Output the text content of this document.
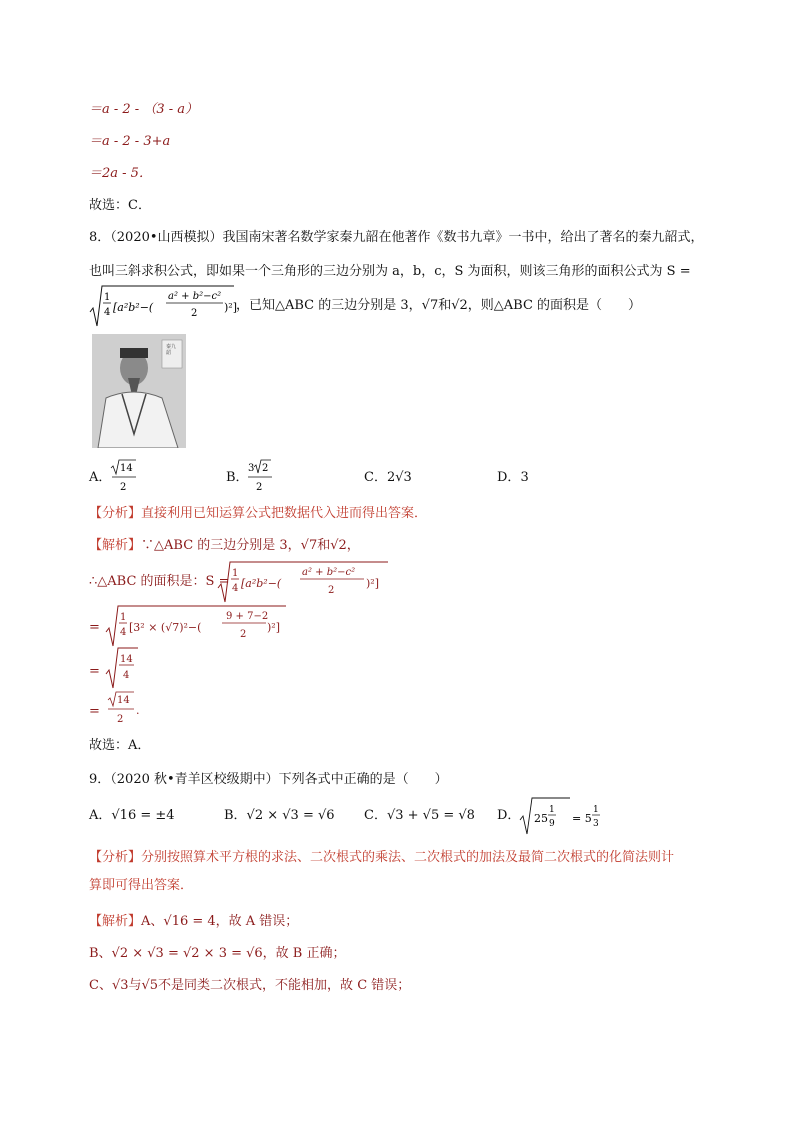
＝a - 2 - （3 - a）
＝a - 2 - 3+a
＝2a - 5．
故选：C．
8．（2020•山西模拟）我国南宋著名数学家秦九韶在他著作《数书九章》一书中，给出了著名的秦九韶式，
也叫三斜求积公式，即如果一个三角形的三边分别为 a，b，c，S 为面积，则该三角形的面积公式为 S =
1
4 [a²b²−(
a² + b²−c²
2 )²] ，已知△ABC 的三边分别是 3，√7和√2，则△ABC 的面积是（　　）
秦九韶
A．
14
2
B．
3 2
2
C．2√3	D．3
【分析】直接利用已知运算公式把数据代入进而得出答案．
【解析】∵△ABC 的三边分别是 3，√7和√2，
∴△ABC 的面积是：S =
1
4 [a²b²−(
a² + b²−c²
2
)²]
=
1
4 [3² × (√7)²−(
9 + 7−2
2
)²]
=
14
4
=
14
2
.
故选：A．
9．（2020 秋•青羊区校级期中）下列各式中正确的是（　　）
A．√16 = ±4	B．√2 × √3 = √6 C．√3 + √5 = √8 D． 25
1
9 = 5
1
3
【分析】分别按照算术平方根的求法、二次根式的乘法、二次根式的加法及最简二次根式的化简法则计
算即可得出答案．
【解析】A、√16 = 4，故 A 错误；
B、√2 × √3 = √2 × 3 = √6，故 B 正确；
C、√3与√5不是同类二次根式，不能相加，故 C 错误；
